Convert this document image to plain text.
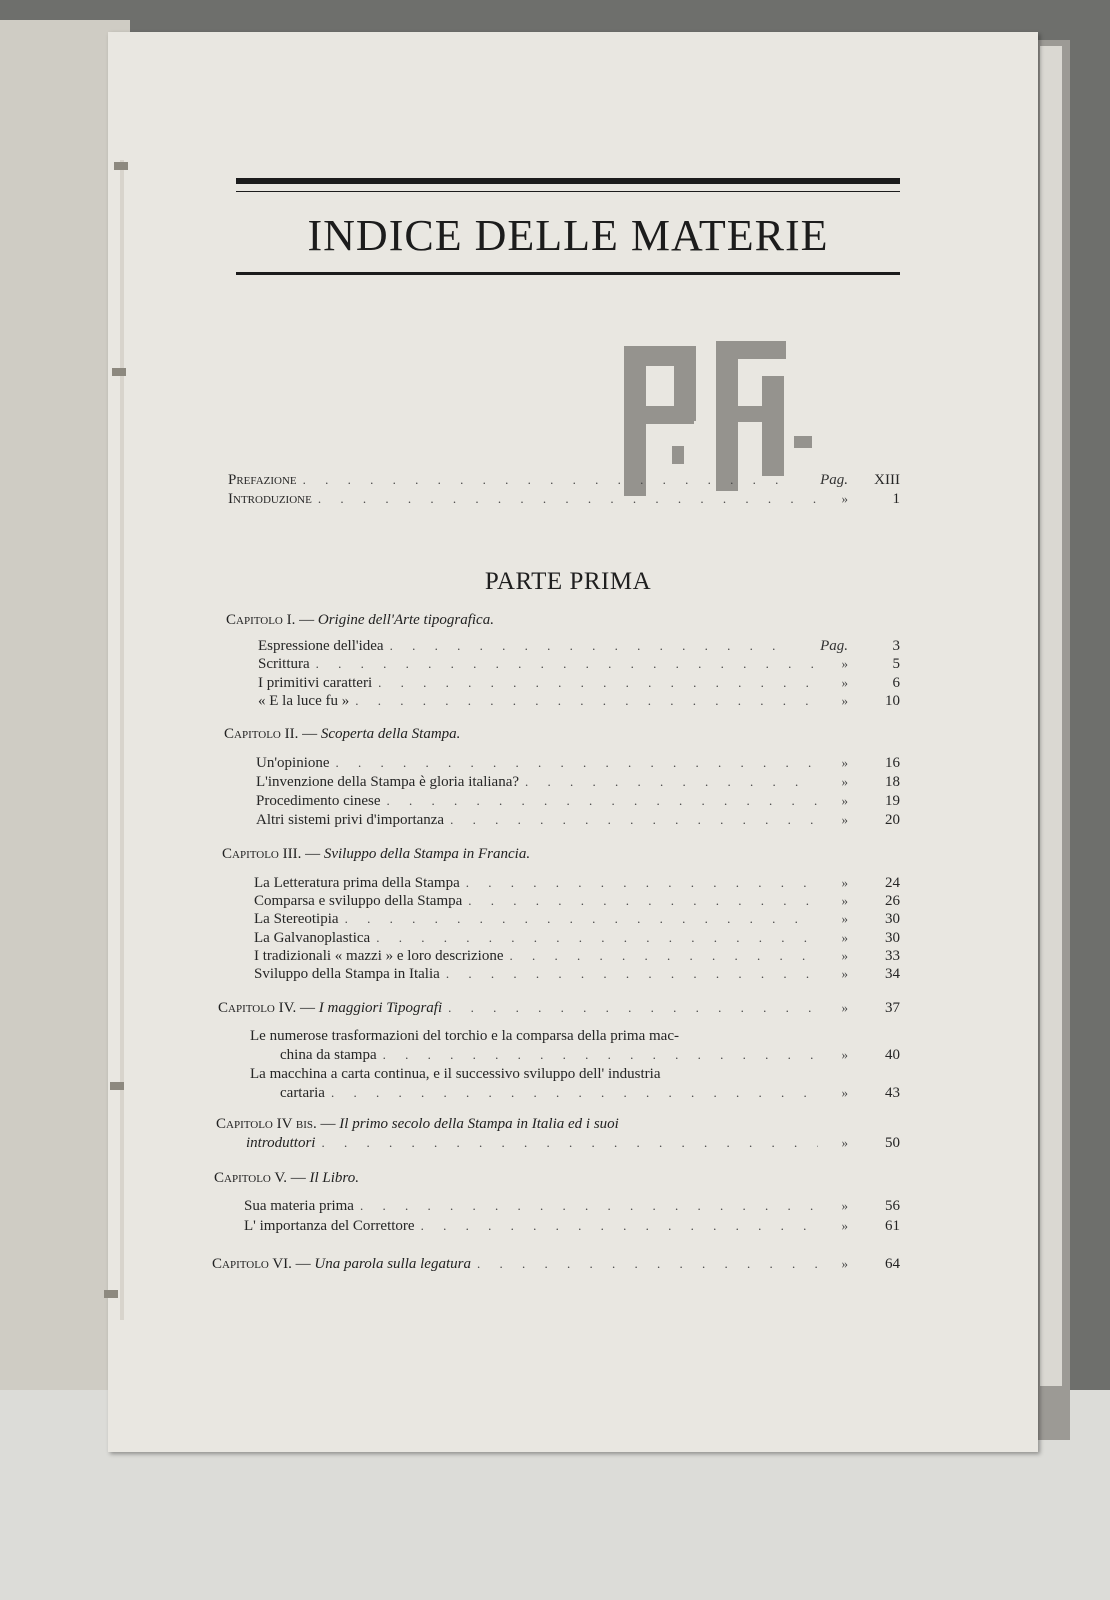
INDICE DELLE MATERIE
Prefazione . . .	Pag.	XIII
Introduzione . . .	»	1
Capitolo I. — Origine dell'Arte tipografica.
Espressione dell'idea . . .	Pag.	3
Scrittura . . .	»	5
I primitivi caratteri . . .	»	6
« E la luce fu » . . .	»	10
Capitolo II. — Scoperta della Stampa.
Un'opinione . . .	»	16
L'invenzione della Stampa è gloria italiana? . . .	»	18
Procedimento cinese . . .	»	19
Altri sistemi privi d'importanza . . .	»	20
Capitolo III. — Sviluppo della Stampa in Francia.
La Letteratura prima della Stampa . . .	»	24
Comparsa e sviluppo della Stampa . . .	»	26
La Stereotipia . . .	»	30
La Galvanoplastica . . .	»	30
I tradizionali « mazzi » e loro descrizione . . .	»	33
Sviluppo della Stampa in Italia . . .	»	34
Capitolo IV. — I maggiori Tipografi . . .	»	37
Le numerose trasformazioni del torchio e la comparsa della prima mac-
china da stampa . . .	»	40
La macchina a carta continua, e il successivo sviluppo dell' industria
cartaria . . .	»	43
Capitolo IV bis. — Il primo secolo della Stampa in Italia ed i suoi
introduttori . . .	»	50
Capitolo V. — Il Libro.
Sua materia prima . . .	»	56
L' importanza del Correttore . . .	»	61
Capitolo VI. — Una parola sulla legatura . . .	»	64
PARTE PRIMA
